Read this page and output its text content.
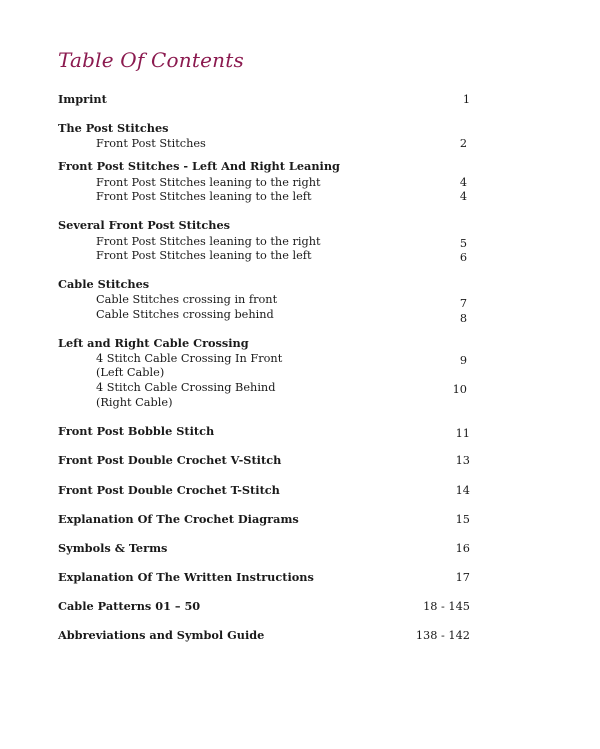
Table Of Contents
Imprint	1
The Post Stitches
Front Post Stitches	2
Front Post Stitches - Left And Right Leaning
Front Post Stitches leaning to the right	4
Front Post Stitches leaning to the left	4
Several Front Post Stitches
Front Post Stitches leaning to the right	5
Front Post Stitches leaning to the left	6
Cable Stitches
Cable Stitches crossing in front	7
Cable Stitches crossing behind	8
Left and Right Cable Crossing
4 Stitch Cable Crossing In Front	9
(Left Cable)
4 Stitch Cable Crossing Behind	10
(Right Cable)
Front Post Bobble Stitch	11
Front Post Double Crochet V-Stitch	13
Front Post Double Crochet T-Stitch	14
Explanation Of The Crochet Diagrams	15
Symbols & Terms	16
Explanation Of The Written Instructions	17
Cable Patterns 01 – 50	18 - 145
Abbreviations and Symbol Guide	138 - 142
